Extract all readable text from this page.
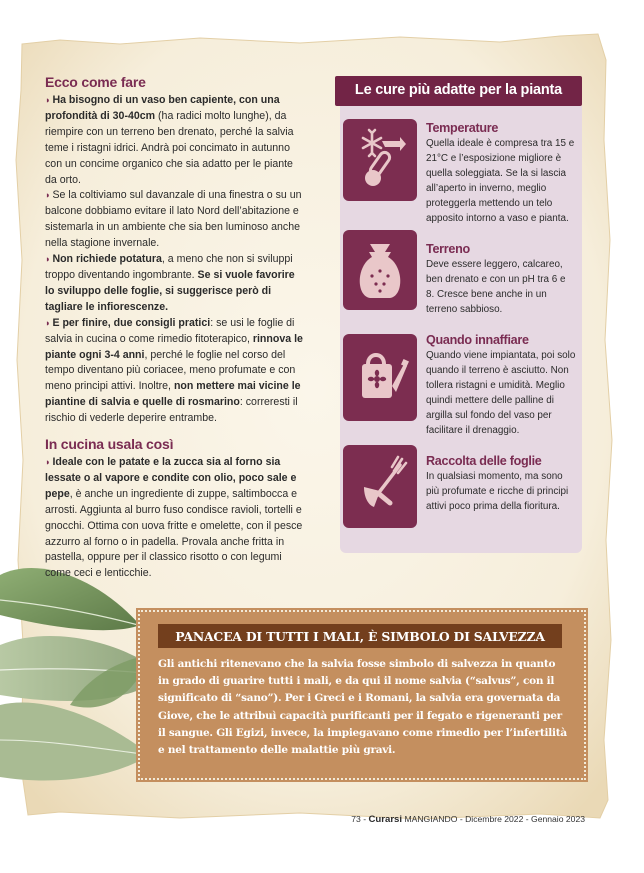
Ecco come fare

◗ Ha bisogno di un vaso ben capiente, con una profondità di 30-40cm (ha radici molto lunghe), da riempire con un terreno ben drenato, perché la salvia teme i ristagni idrici. Andrà poi concimato in autunno con un concime organico che sia adatto per le piante da orto.

◗ Se la coltiviamo sul davanzale di una finestra o su un balcone dobbiamo evitare il lato Nord dell’abitazione e sistemarla in un ambiente che sia ben luminoso anche nella stagione invernale.

◗ Non richiede potatura, a meno che non si sviluppi troppo diventando ingombrante. Se si vuole favorire lo sviluppo delle foglie, si suggerisce però di tagliare le infiorescenze.

◗ E per finire, due consigli pratici: se usi le foglie di salvia in cucina o come rimedio fitoterapico, rinnova le piante ogni 3-4 anni, perché le foglie nel corso del tempo diventano più coriacee, meno profumate e con meno principi attivi. Inoltre, non mettere mai vicine le piantine di salvia e quelle di rosmarino: correresti il rischio di vederle deperire entrambe.

In cucina usala così

◗ Ideale con le patate e la zucca sia al forno sia lessate o al vapore e condite con olio, poco sale e pepe, è anche un ingrediente di zuppe, saltimbocca e arrosti. Aggiunta al burro fuso condisce ravioli, tortelli e gnocchi. Ottima con uova fritte e omelette, con il pesce azzurro al forno o in padella. Provala anche fritta in pastella, oppure per il classico risotto o con legumi come ceci e lenticchie.

Le cure più adatte per la pianta
Temperature
Quella ideale è compresa tra 15 e 21°C e l’esposizione migliore è quella soleggiata. Se la si lascia all’aperto in inverno, meglio proteggerla mettendo un telo apposito intorno a vaso e pianta.
Terreno
Deve essere leggero, calcareo, ben drenato e con un pH tra 6 e 8. Cresce bene anche in un terreno sabbioso.
Quando innaffiare
Quando viene impiantata, poi solo quando il terreno è asciutto. Non tollera ristagni e umidità. Meglio quindi mettere delle palline di argilla sul fondo del vaso per facilitare il drenaggio.
Raccolta delle foglie
In qualsiasi momento, ma sono più profumate e ricche di principi attivi poco prima della fioritura.
PANACEA DI TUTTI I MALI, È SIMBOLO DI SALVEZZA

Gli antichi ritenevano che la salvia fosse simbolo di salvezza in quanto in grado di guarire tutti i mali, e da qui il nome salvia (“salvus”, con il significato di “sano”). Per i Greci e i Romani, la salvia era governata da Giove, che le attribuì capacità purificanti per il fegato e rigeneranti per il sangue. Gli Egizi, invece, la impiegavano come rimedio per l’infertilità e nel trattamento delle malattie più gravi.

73 - Curarsi MANGIANDO - Dicembre 2022 - Gennaio 2023
